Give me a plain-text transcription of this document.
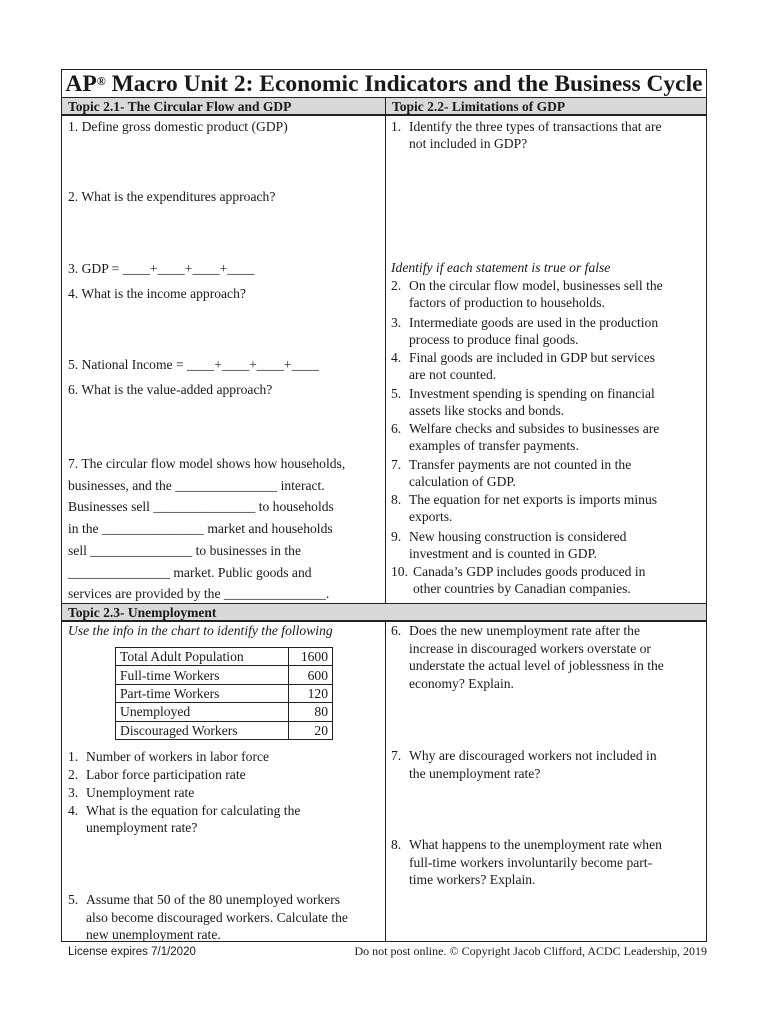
AP® Macro Unit 2: Economic Indicators and the Business Cycle
Topic 2.1- The Circular Flow and GDP	Topic 2.2- Limitations of GDP
1. Define gross domestic product (GDP)
2. What is the expenditures approach?
3. GDP = ____+____+____+____
4. What is the income approach?
5. National Income = ____+____+____+____
6. What is the value-added approach?
7. The circular flow model shows how households,
businesses, and the _______________ interact.
Businesses sell _______________ to households
in the _______________ market and households
sell _______________ to businesses in the
_______________ market. Public goods and
services are provided by the _______________.
1. Identify the three types of transactions that are
not included in GDP?
Identify if each statement is true or false
Topic 2.3- Unemployment
Use the info in the chart to identify the following
Total Adult Population	1600
Full-time Workers	600
Part-time Workers	120
Unemployed	80
Discouraged Workers	20
License expires 7/1/2020	Do not post online. © Copyright Jacob Clifford, ACDC Leadership, 2019
2. On the circular flow model, businesses sell the
factors of production to households.
3. Intermediate goods are used in the production
process to produce final goods.
4. Final goods are included in GDP but services
are not counted.
5. Investment spending is spending on financial
assets like stocks and bonds.
6. Welfare checks and subsides to businesses are
examples of transfer payments.
7. Transfer payments are not counted in the
calculation of GDP.
8. The equation for net exports is imports minus
exports.
9. New housing construction is considered
investment and is counted in GDP.
10. Canada’s GDP includes goods produced in
other countries by Canadian companies.
1. Number of workers in labor force
2. Labor force participation rate
3. Unemployment rate
4. What is the equation for calculating the
unemployment rate?
5. Assume that 50 of the 80 unemployed workers
also become discouraged workers. Calculate the
new unemployment rate.
6. Does the new unemployment rate after the
increase in discouraged workers overstate or
understate the actual level of joblessness in the
economy? Explain.
7. Why are discouraged workers not included in
the unemployment rate?
8. What happens to the unemployment rate when
full-time workers involuntarily become part-
time workers? Explain.
